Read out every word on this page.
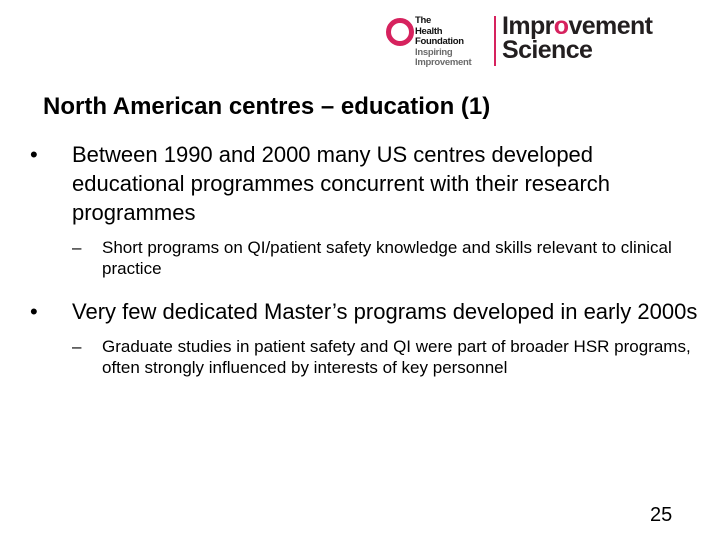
The
Health
Foundation
Inspiring
Improvement
Improvement
Science
North American centres – education (1)

• Between 1990 and 2000 many US centres developed educational programmes concurrent with their research programmes

– Short programs on QI/patient safety knowledge and skills relevant to clinical practice

• Very few dedicated Master’s programs developed in early 2000s

– Graduate studies in patient safety and QI were part of broader HSR programs, often strongly influenced by interests of key personnel

25
